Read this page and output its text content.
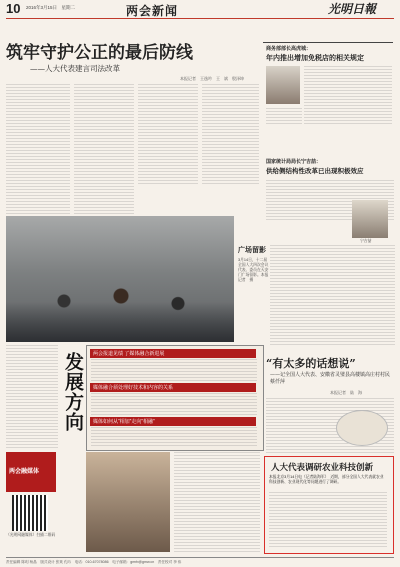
10 2016年3月15日　星期二	两会新闻	光明日報
筑牢守护公正的最后防线
——人大代表建言司法改革
本报记者　王逸吟　王　斌　殷泽坤
商务部部长高虎城：
年内推出增加免税店的相关规定
国家统计局局长宁吉喆：
供给侧结构性改革已出现积极效应
宁吉喆
广场留影
3月14日，十二届全国人大四次会议代表、委员在天安门广场留影。本报记者　摄
两会融媒体
（光明网融媒体）扫描二维码
发展方向
两会报道见绩 了媒体融合新进展
媒体融合须处理好技术和内容的关系
媒体如何从“相加”走向“相融”
“有太多的话想说”
——记全国人大代表、安徽省灵璧县高楼镇高庄村村民蔡仟萍
本报记者　陆　海
人大代表调研农业科技创新
本报北京3月14日电（记者陆海军）　近期，部分全国人大代表就农业科技创新、农业现代化等问题进行了调研。
责任编辑 陈玥 杨晶　版式设计 张爽 孔吟　电话：010-67078086　电子邮箱：gmrb@gmw.cn　责任校对 李 伟
